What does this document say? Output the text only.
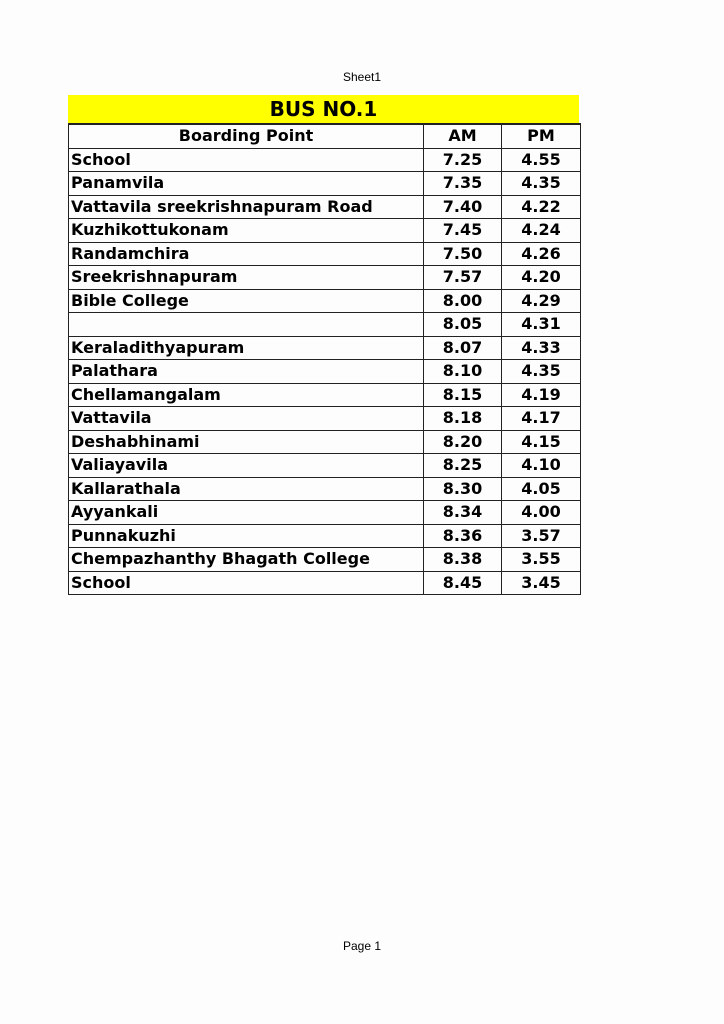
Sheet1
BUS NO.1
Boarding Point	AM	PM
School	7.25	4.55
Panamvila	7.35	4.35
Vattavila sreekrishnapuram Road	7.40	4.22
Kuzhikottukonam	7.45	4.24
Randamchira	7.50	4.26
Sreekrishnapuram	7.57	4.20
Bible College	8.00	4.29
	8.05	4.31
Keraladithyapuram	8.07	4.33
Palathara	8.10	4.35
Chellamangalam	8.15	4.19
Vattavila	8.18	4.17
Deshabhinami	8.20	4.15
Valiayavila	8.25	4.10
Kallarathala	8.30	4.05
Ayyankali	8.34	4.00
Punnakuzhi	8.36	3.57
Chempazhanthy Bhagath College	8.38	3.55
School	8.45	3.45
Page 1
